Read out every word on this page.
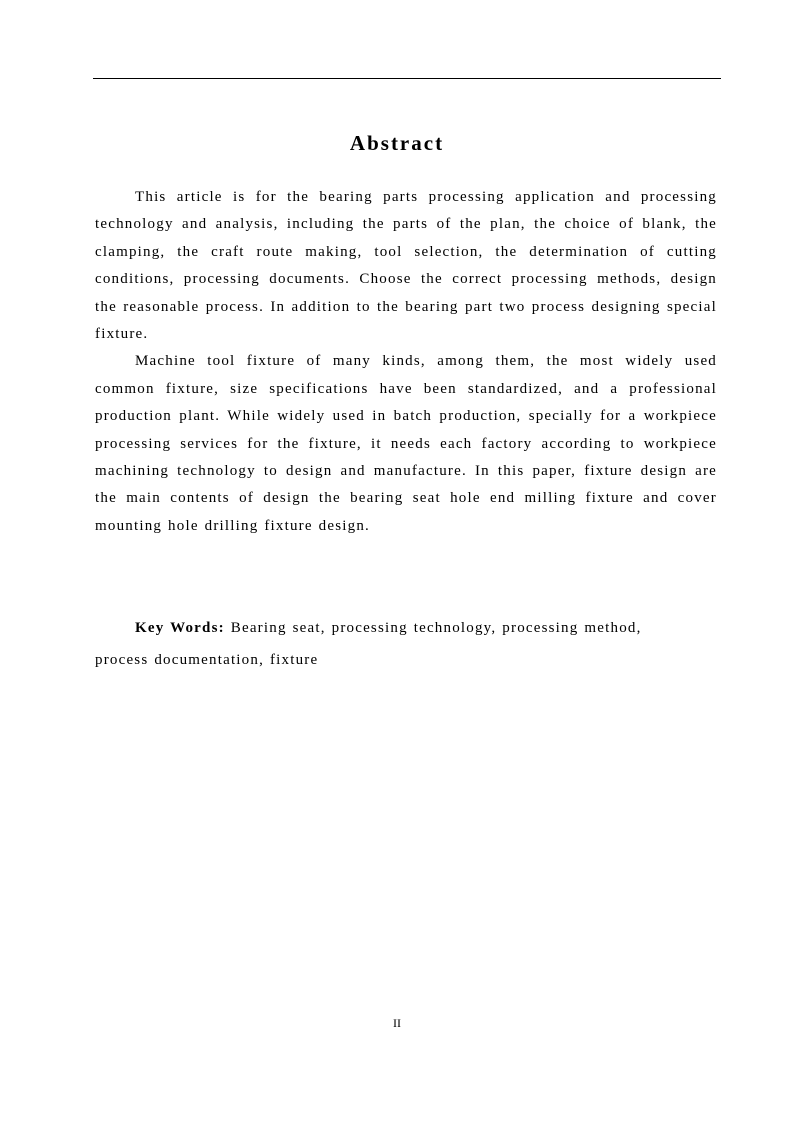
Abstract

This article is for the bearing parts processing application and processing technology and analysis, including the parts of the plan, the choice of blank, the clamping, the craft route making, tool selection, the determination of cutting conditions, processing documents. Choose the correct processing methods, design the reasonable process. In addition to the bearing part two process designing special fixture.

Machine tool fixture of many kinds, among them, the most widely used common fixture, size specifications have been standardized, and a professional production plant. While widely used in batch production, specially for a workpiece processing services for the fixture, it needs each factory according to workpiece machining technology to design and manufacture. In this paper, fixture design are the main contents of design the bearing seat hole end milling fixture and cover mounting hole drilling fixture design.

Key Words: Bearing seat, processing technology, processing method, process documentation, fixture

II
